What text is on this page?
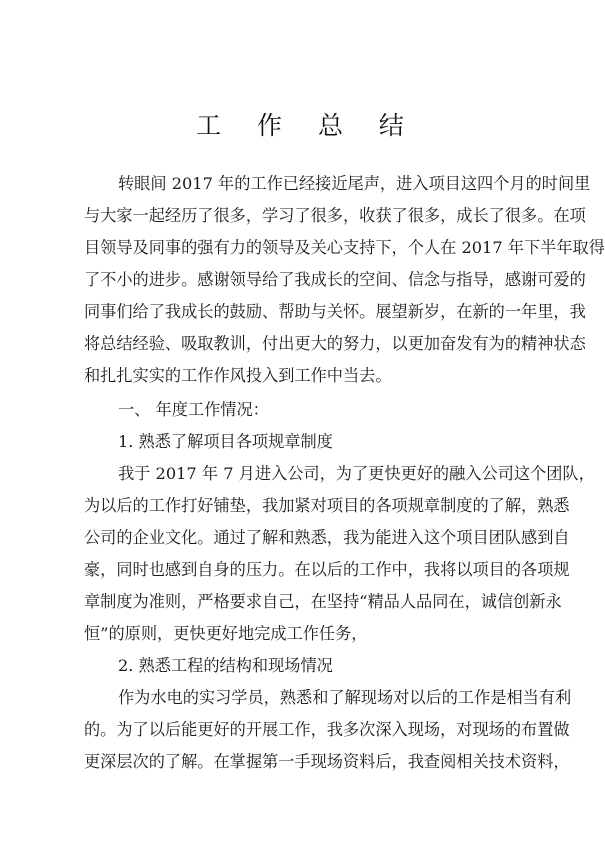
工 作 总 结
转眼间 2017 年的工作已经接近尾声，进入项目这四个月的时间里
与大家一起经历了很多，学习了很多，收获了很多，成长了很多。在项
目领导及同事的强有力的领导及关心支持下，个人在 2017 年下半年取得
了不小的进步。感谢领导给了我成长的空间、信念与指导，感谢可爱的
同事们给了我成长的鼓励、帮助与关怀。展望新岁，在新的一年里，我
将总结经验、吸取教训，付出更大的努力，以更加奋发有为的精神状态
和扎扎实实的工作作风投入到工作中当去。
一、 年度工作情况：
1. 熟悉了解项目各项规章制度
我于 2017 年 7 月进入公司，为了更快更好的融入公司这个团队，
为以后的工作打好铺垫，我加紧对项目的各项规章制度的了解，熟悉
公司的企业文化。通过了解和熟悉，我为能进入这个项目团队感到自
豪，同时也感到自身的压力。在以后的工作中，我将以项目的各项规
章制度为准则，严格要求自己，在坚持“精品人品同在，诚信创新永
恒”的原则，更快更好地完成工作任务，
2. 熟悉工程的结构和现场情况
作为水电的实习学员，熟悉和了解现场对以后的工作是相当有利
的。为了以后能更好的开展工作，我多次深入现场，对现场的布置做
更深层次的了解。在掌握第一手现场资料后，我查阅相关技术资料，
